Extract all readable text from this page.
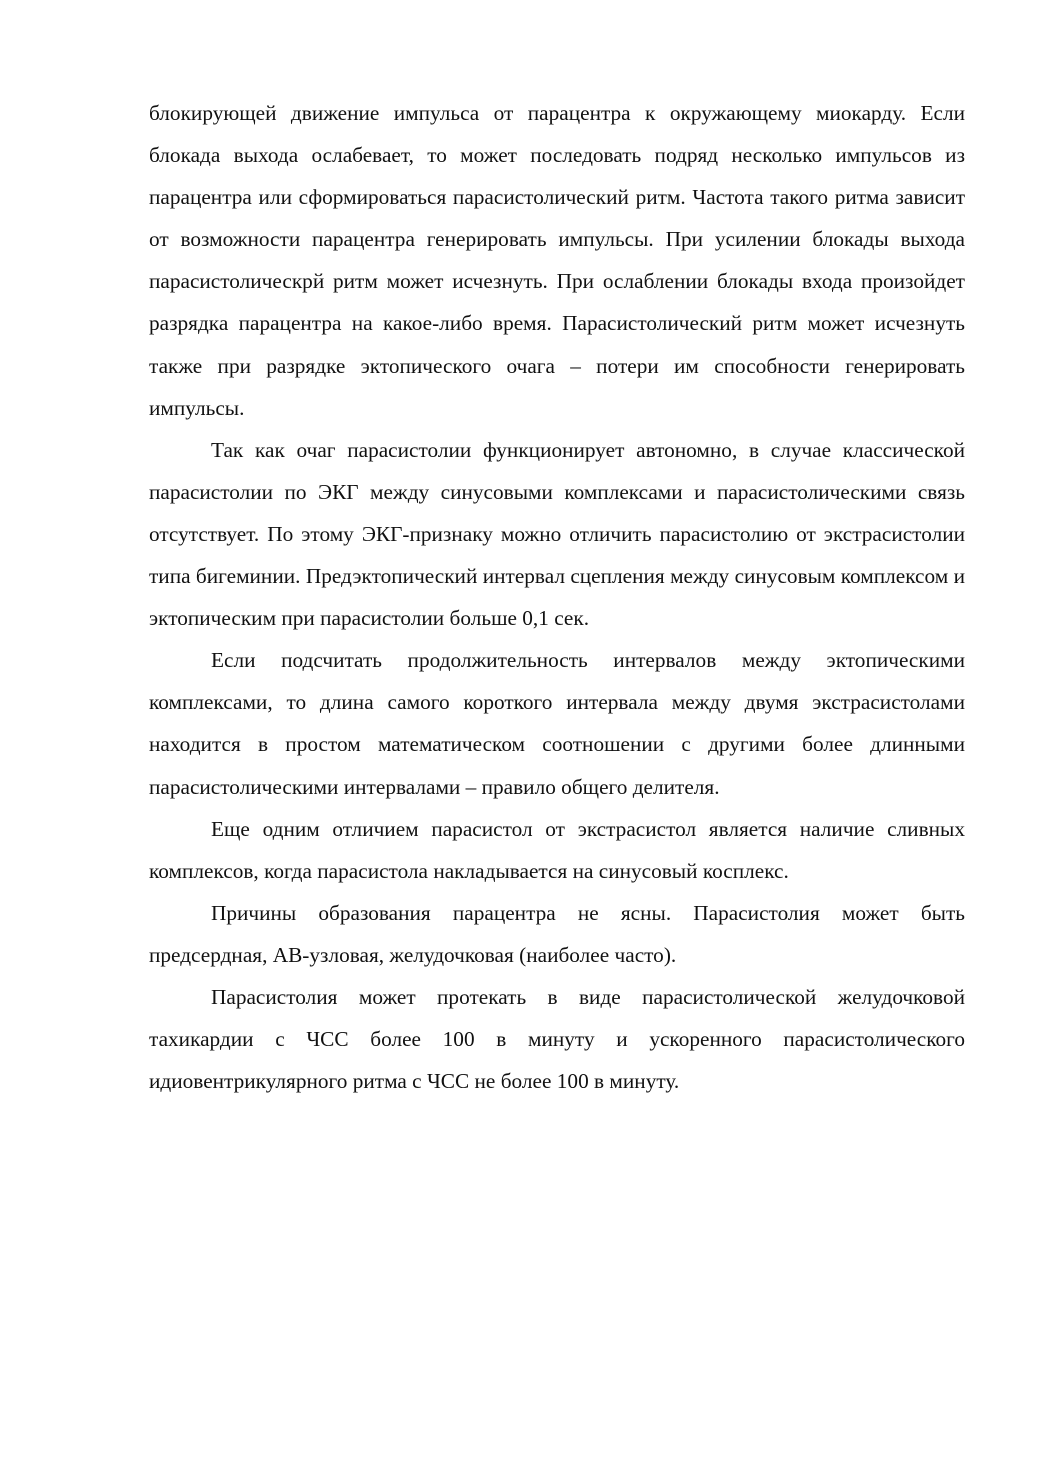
блокирующей движение импульса от парацентра к окружающему миокарду. Если блокада выхода ослабевает, то может последовать подряд несколько импульсов из парацентра или сформироваться парасистолический ритм. Частота такого ритма зависит от возможности парацентра генерировать импульсы. При усилении блокады выхода парасистолическрй ритм может исчезнуть. При ослаблении блокады входа произойдет разрядка парацентра на какое-либо время. Парасистолический ритм может исчезнуть также при разрядке эктопического очага – потери им способности генерировать импульсы.

Так как очаг парасистолии функционирует автономно, в случае классической парасистолии по ЭКГ между синусовыми комплексами и парасистолическими связь отсутствует. По этому ЭКГ-признаку можно отличить парасистолию от экстрасистолии типа бигеминии. Предэктопический интервал сцепления между синусовым комплексом и эктопическим при парасистолии больше 0,1 сек.

Если подсчитать продолжительность интервалов между эктопическими комплексами, то длина самого короткого интервала между двумя экстрасистолами находится в простом математическом соотношении с другими более длинными парасистолическими интервалами – правило общего делителя.

Еще одним отличием парасистол от экстрасистол является наличие сливных комплексов, когда парасистола накладывается на синусовый косплекс.

Причины образования парацентра не ясны. Парасистолия может быть предсердная, АВ-узловая, желудочковая (наиболее часто).

Парасистолия может протекать в виде парасистолической желудочковой тахикардии с ЧСС более 100 в минуту и ускоренного парасистолического идиовентрикулярного ритма с ЧСС не более 100 в минуту.
